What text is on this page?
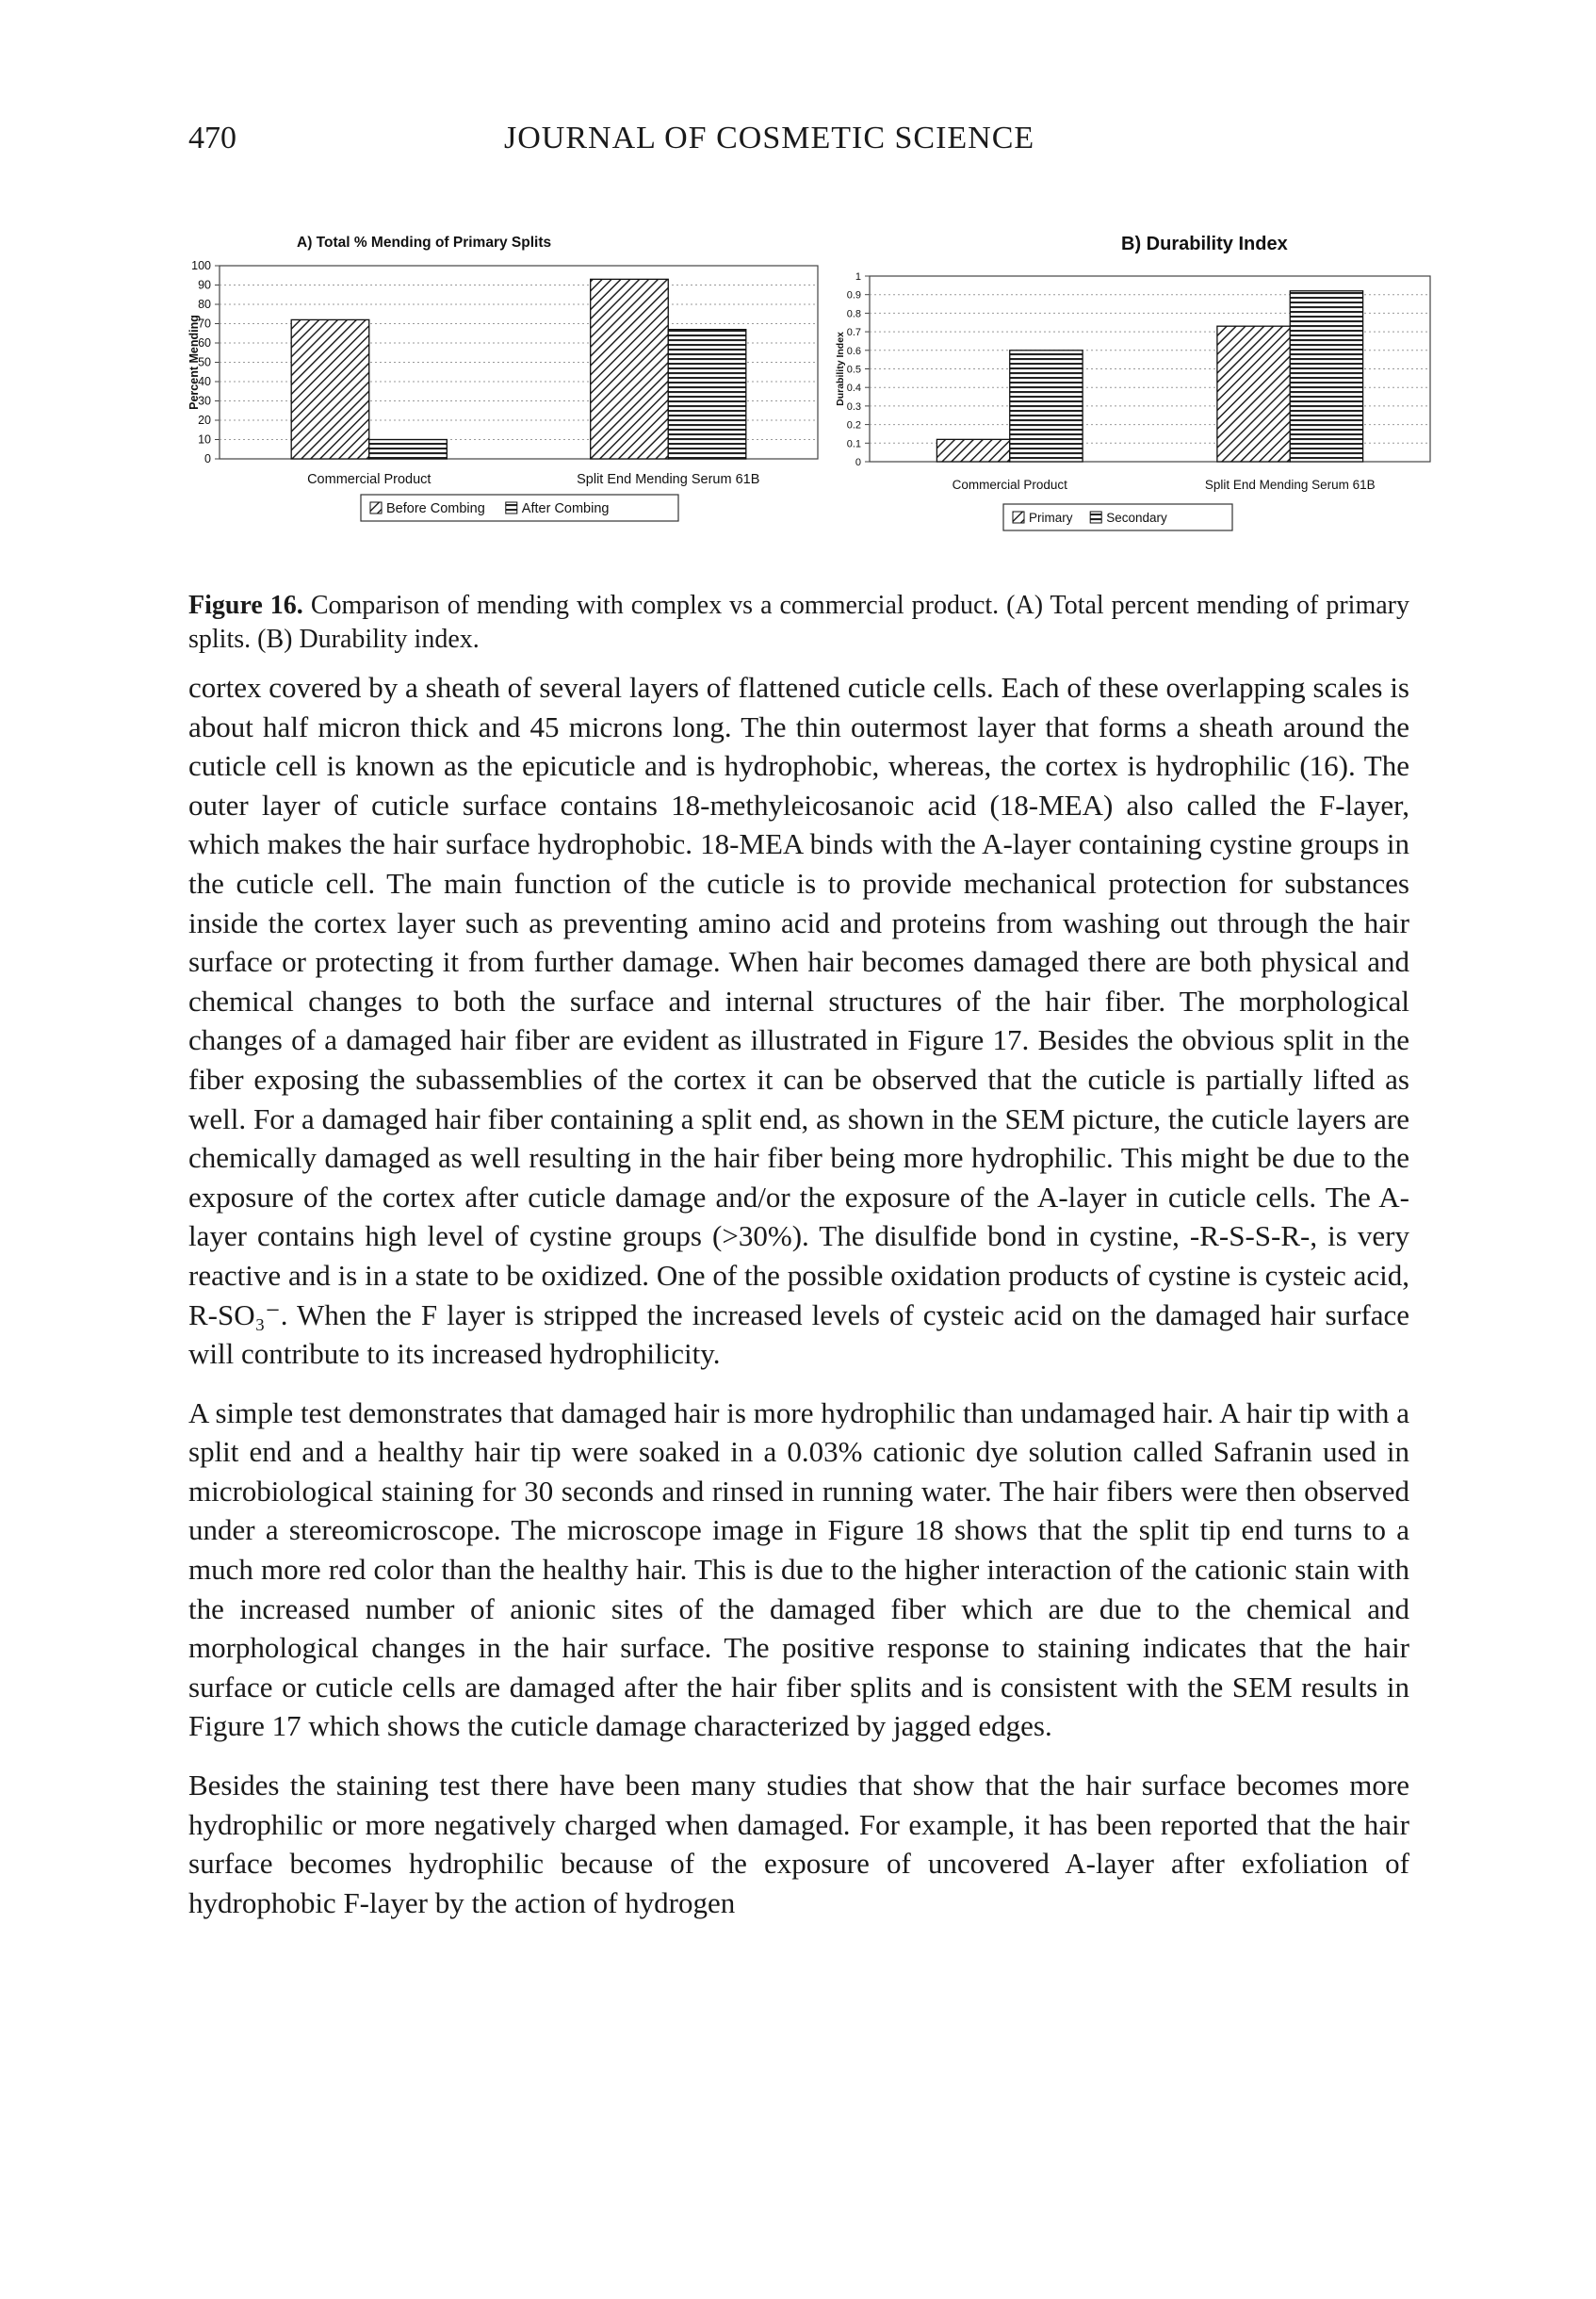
470	JOURNAL OF COSMETIC SCIENCE
A) Total % Mending of Primary Splits
100
90
80
70
60
50
40
30
20
10
0
Percent Mending
Commercial Product	Split End Mending Serum 61B
Before Combing	After Combing
B) Durability Index
1
0.9
0.8
0.7
0.6
0.5
0.4
0.3
0.2
0.1
0
Durability Index
Commercial Product	Split End Mending Serum 61B
Primary	Secondary
Figure 16. Comparison of mending with complex vs a commercial product. (A) Total percent mending of primary splits. (B) Durability index.

cortex covered by a sheath of several layers of flattened cuticle cells. Each of these overlapping scales is about half micron thick and 45 microns long. The thin outermost layer that forms a sheath around the cuticle cell is known as the epicuticle and is hydrophobic, whereas, the cortex is hydrophilic (16). The outer layer of cuticle surface contains 18-methyleicosanoic acid (18-MEA) also called the F-layer, which makes the hair surface hydrophobic. 18-MEA binds with the A-layer containing cystine groups in the cuticle cell. The main function of the cuticle is to provide mechanical protection for substances inside the cortex layer such as preventing amino acid and proteins from washing out through the hair surface or protecting it from further damage. When hair becomes damaged there are both physical and chemical changes to both the surface and internal structures of the hair fiber. The morphological changes of a damaged hair fiber are evident as illustrated in Figure 17. Besides the obvious split in the fiber exposing the subassemblies of the cortex it can be observed that the cuticle is partially lifted as well. For a damaged hair fiber containing a split end, as shown in the SEM picture, the cuticle layers are chemically damaged as well resulting in the hair fiber being more hydrophilic. This might be due to the exposure of the cortex after cuticle damage and/or the exposure of the A-layer in cuticle cells. The A-layer contains high level of cystine groups (>30%). The disulfide bond in cystine, -R-S-S-R-, is very reactive and is in a state to be oxidized. One of the possible oxidation products of cystine is cysteic acid, R-SO₃⁻. When the F layer is stripped the increased levels of cysteic acid on the damaged hair surface will contribute to its increased hydrophilicity.

A simple test demonstrates that damaged hair is more hydrophilic than undamaged hair. A hair tip with a split end and a healthy hair tip were soaked in a 0.03% cationic dye solution called Safranin used in microbiological staining for 30 seconds and rinsed in running water. The hair fibers were then observed under a stereomicroscope. The microscope image in Figure 18 shows that the split tip end turns to a much more red color than the healthy hair. This is due to the higher interaction of the cationic stain with the increased number of anionic sites of the damaged fiber which are due to the chemical and morphological changes in the hair surface. The positive response to staining indicates that the hair surface or cuticle cells are damaged after the hair fiber splits and is consistent with the SEM results in Figure 17 which shows the cuticle damage characterized by jagged edges.

Besides the staining test there have been many studies that show that the hair surface becomes more hydrophilic or more negatively charged when damaged. For example, it has been reported that the hair surface becomes hydrophilic because of the exposure of uncovered A-layer after exfoliation of hydrophobic F-layer by the action of hydrogen
